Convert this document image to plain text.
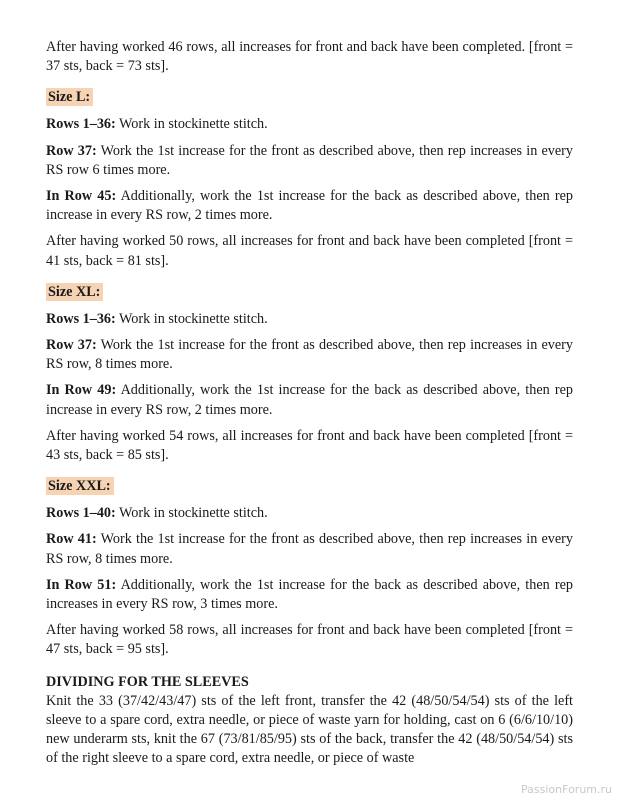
After having worked 46 rows, all increases for front and back have been completed. [front = 37 sts, back = 73 sts].

Size L:

Rows 1–36: Work in stockinette stitch.

Row 37: Work the 1st increase for the front as described above, then rep increases in every RS row 6 times more.

In Row 45: Additionally, work the 1st increase for the back as described above, then rep increase in every RS row, 2 times more.

After having worked 50 rows, all increases for front and back have been completed [front = 41 sts, back = 81 sts].

Size XL:

Rows 1–36: Work in stockinette stitch.

Row 37: Work the 1st increase for the front as described above, then rep increases in every RS row, 8 times more.

In Row 49: Additionally, work the 1st increase for the back as described above, then rep increase in every RS row, 2 times more.

After having worked 54 rows, all increases for front and back have been completed [front = 43 sts, back = 85 sts].

Size XXL:

Rows 1–40: Work in stockinette stitch.

Row 41: Work the 1st increase for the front as described above, then rep increases in every RS row, 8 times more.

In Row 51: Additionally, work the 1st increase for the back as described above, then rep increases in every RS row, 3 times more.

After having worked 58 rows, all increases for front and back have been completed [front = 47 sts, back = 95 sts].

DIVIDING FOR THE SLEEVES

Knit the 33 (37/42/43/47) sts of the left front, transfer the 42 (48/50/54/54) sts of the left sleeve to a spare cord, extra needle, or piece of waste yarn for holding, cast on 6 (6/6/10/10) new underarm sts, knit the 67 (73/81/85/95) sts of the back, transfer the 42 (48/50/54/54) sts of the right sleeve to a spare cord, extra needle, or piece of waste

PassionForum.ru
